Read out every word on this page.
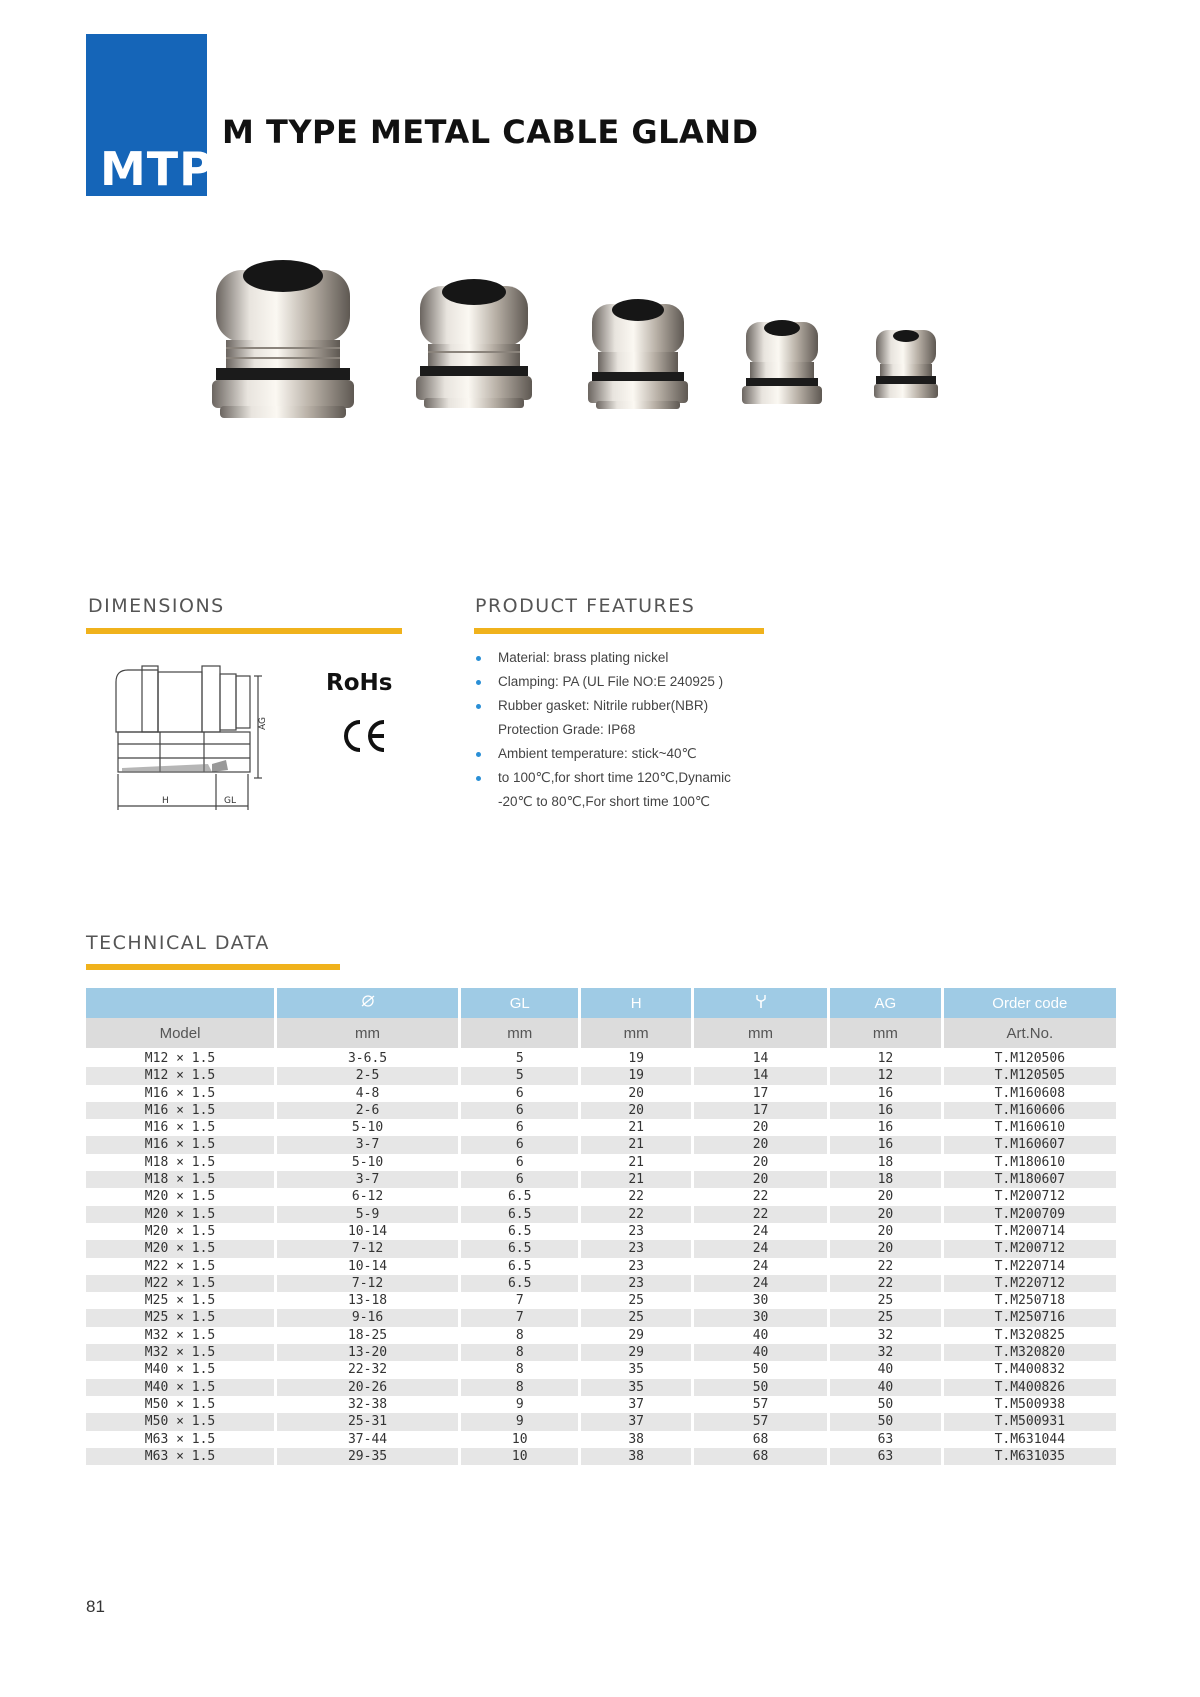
MTP
M TYPE METAL CABLE GLAND
DIMENSIONS	PRODUCT FEATURES
AG
H	GL
RoHs
Material: brass plating nickel
Clamping: PA (UL File NO:E 240925 )
Rubber gasket: Nitrile rubber(NBR)
Protection Grade: IP68
Ambient temperature: stick~40℃
to 100℃,for short time 120℃,Dynamic
-20℃ to 80℃,For short time 100℃
TECHNICAL DATA
		GL	H		AG	Order code
Model	mm	mm	mm	mm	mm	Art.No.
M12 × 1.5	3-6.5	5	19	14	12	T.M120506
M12 × 1.5	2-5	5	19	14	12	T.M120505
M16 × 1.5	4-8	6	20	17	16	T.M160608
M16 × 1.5	2-6	6	20	17	16	T.M160606
M16 × 1.5	5-10	6	21	20	16	T.M160610
M16 × 1.5	3-7	6	21	20	16	T.M160607
M18 × 1.5	5-10	6	21	20	18	T.M180610
M18 × 1.5	3-7	6	21	20	18	T.M180607
M20 × 1.5	6-12	6.5	22	22	20	T.M200712
M20 × 1.5	5-9	6.5	22	22	20	T.M200709
M20 × 1.5	10-14	6.5	23	24	20	T.M200714
M20 × 1.5	7-12	6.5	23	24	20	T.M200712
M22 × 1.5	10-14	6.5	23	24	22	T.M220714
M22 × 1.5	7-12	6.5	23	24	22	T.M220712
M25 × 1.5	13-18	7	25	30	25	T.M250718
M25 × 1.5	9-16	7	25	30	25	T.M250716
M32 × 1.5	18-25	8	29	40	32	T.M320825
M32 × 1.5	13-20	8	29	40	32	T.M320820
M40 × 1.5	22-32	8	35	50	40	T.M400832
M40 × 1.5	20-26	8	35	50	40	T.M400826
M50 × 1.5	32-38	9	37	57	50	T.M500938
M50 × 1.5	25-31	9	37	57	50	T.M500931
M63 × 1.5	37-44	10	38	68	63	T.M631044
M63 × 1.5	29-35	10	38	68	63	T.M631035
81
